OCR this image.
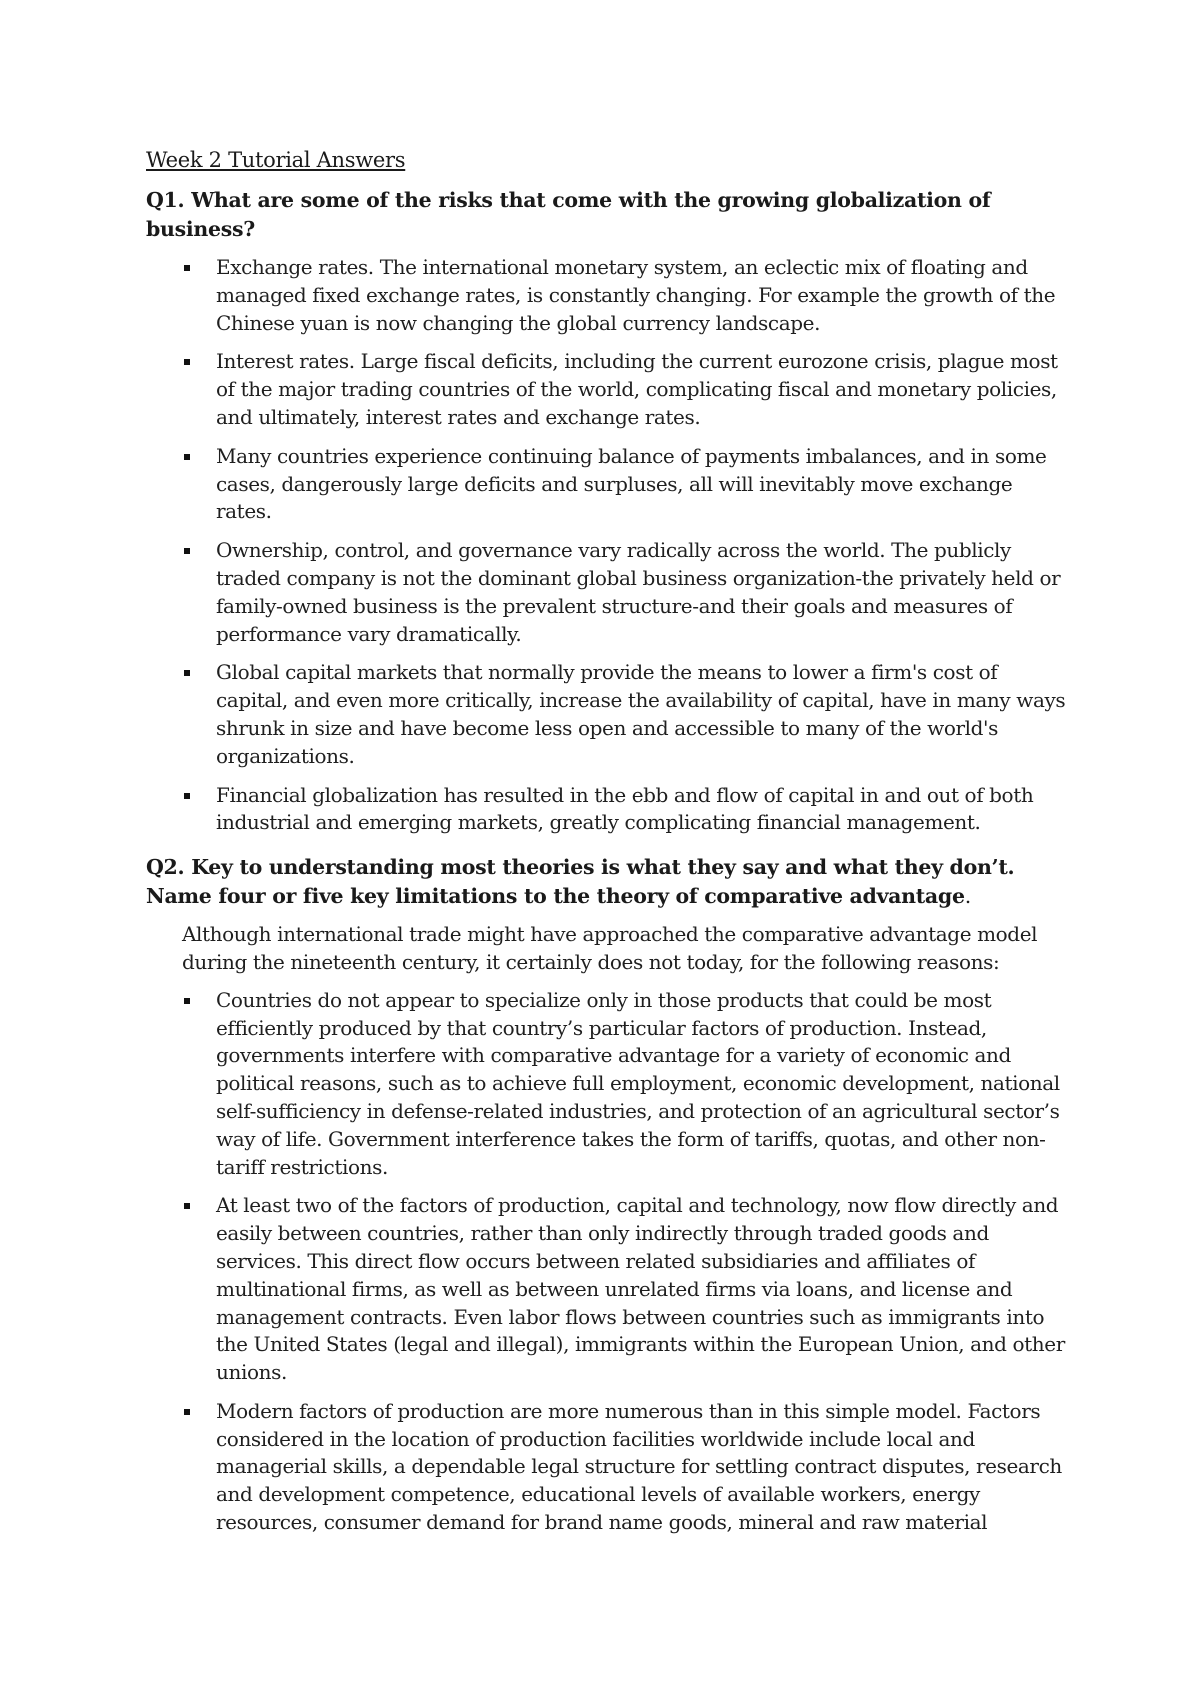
Week 2 Tutorial Answers

Q1. What are some of the risks that come with the growing globalization of business?

Exchange rates. The international monetary system, an eclectic mix of floating and managed fixed exchange rates, is constantly changing. For example the growth of the Chinese yuan is now changing the global currency landscape.
Interest rates. Large fiscal deficits, including the current eurozone crisis, plague most of the major trading countries of the world, complicating fiscal and monetary policies, and ultimately, interest rates and exchange rates.
Many countries experience continuing balance of payments imbalances, and in some cases, dangerously large deficits and surpluses, all will inevitably move exchange rates.
Ownership, control, and governance vary radically across the world. The publicly traded company is not the dominant global business organization-the privately held or family-owned business is the prevalent structure-and their goals and measures of performance vary dramatically.
Global capital markets that normally provide the means to lower a firm's cost of capital, and even more critically, increase the availability of capital, have in many ways shrunk in size and have become less open and accessible to many of the world's organizations.
Financial globalization has resulted in the ebb and flow of capital in and out of both industrial and emerging markets, greatly complicating financial management.

Q2. Key to understanding most theories is what they say and what they don’t. Name four or five key limitations to the theory of comparative advantage.

Although international trade might have approached the comparative advantage model during the nineteenth century, it certainly does not today, for the following reasons:

Countries do not appear to specialize only in those products that could be most efficiently produced by that country’s particular factors of production. Instead, governments interfere with comparative advantage for a variety of economic and political reasons, such as to achieve full employment, economic development, national self-sufficiency in defense-related industries, and protection of an agricultural sector’s way of life. Government interference takes the form of tariffs, quotas, and other non-tariff restrictions.
At least two of the factors of production, capital and technology, now flow directly and easily between countries, rather than only indirectly through traded goods and services. This direct flow occurs between related subsidiaries and affiliates of multinational firms, as well as between unrelated firms via loans, and license and management contracts. Even labor flows between countries such as immigrants into the United States (legal and illegal), immigrants within the European Union, and other unions.
Modern factors of production are more numerous than in this simple model. Factors considered in the location of production facilities worldwide include local and managerial skills, a dependable legal structure for settling contract disputes, research and development competence, educational levels of available workers, energy resources, consumer demand for brand name goods, mineral and raw material
